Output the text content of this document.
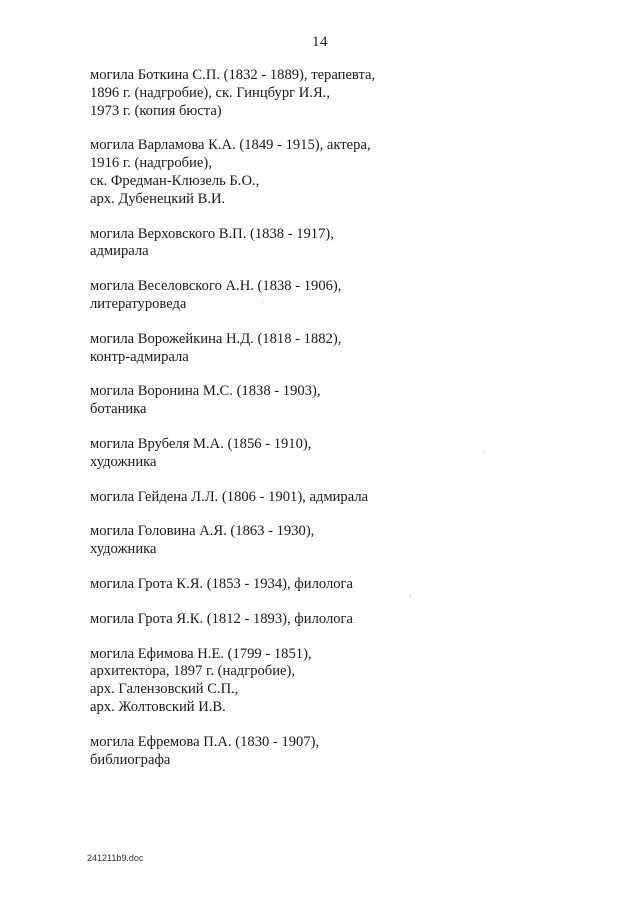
14
могила Боткина С.П. (1832 - 1889), терапевта,
1896 г. (надгробие), ск. Гинцбург И.Я.,
1973 г. (копия бюста)
могила Варламова К.А. (1849 - 1915), актера,
1916 г. (надгробие),
ск. Фредман-Клюзель Б.О.,
арх. Дубенецкий В.И.
могила Верховского В.П. (1838 - 1917),
адмирала
могила Веселовского А.Н. (1838 - 1906),
литературоведа
могила Ворожейкина Н.Д. (1818 - 1882),
контр-адмирала
могила Воронина М.С. (1838 - 1903),
ботаника
могила Врубеля М.А. (1856 - 1910),
художника
могила Гейдена Л.Л. (1806 - 1901), адмирала
могила Головина А.Я. (1863 - 1930),
художника
могила Грота К.Я. (1853 - 1934), филолога
могила Грота Я.К. (1812 - 1893), филолога
могила Ефимова Н.Е. (1799 - 1851),
архитектора, 1897 г. (надгробие),
арх. Галензовский С.П.,
арх. Жолтовский И.В.
могила Ефремова П.А. (1830 - 1907),
библиографа
241211b9.doc
